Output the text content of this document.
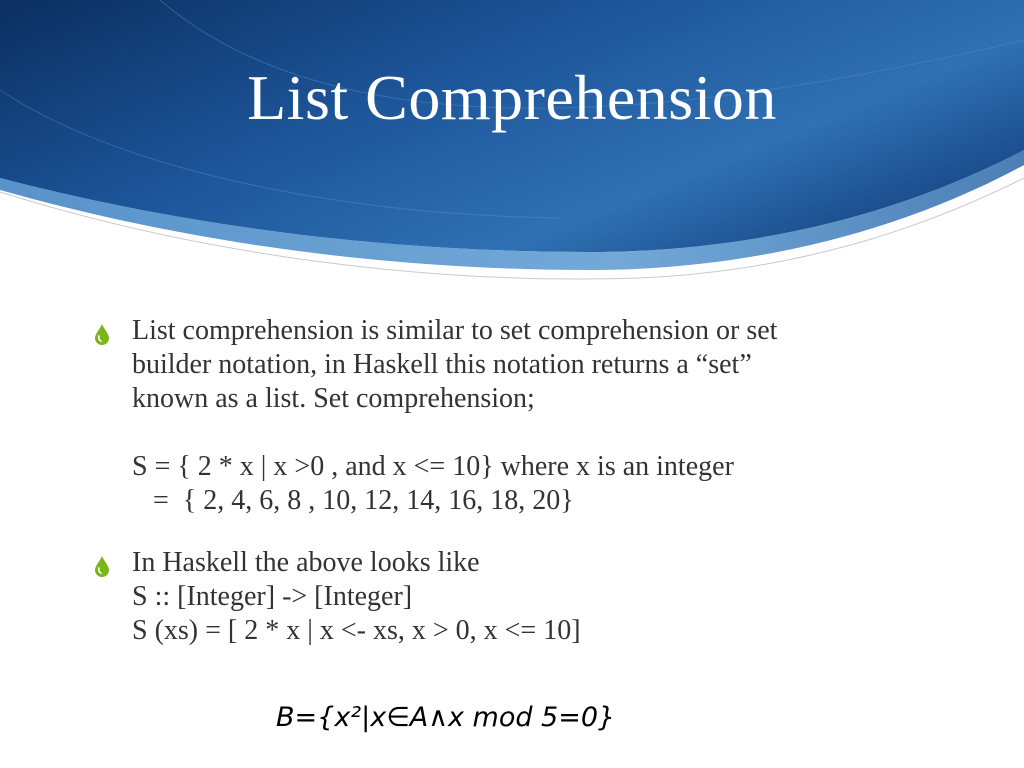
List Comprehension
List comprehension is similar to set comprehension or set
builder notation, in Haskell this notation returns a “set”
known as a list. Set comprehension;
S = { 2 * x | x >0 , and x <= 10} where x is an integer
=  { 2, 4, 6, 8 , 10, 12, 14, 16, 18, 20}
In Haskell the above looks like
S :: [Integer] -> [Integer]
S (xs) = [ 2 * x | x <- xs, x > 0, x <= 10]
B={x²|x∈A∧x mod 5=0}
